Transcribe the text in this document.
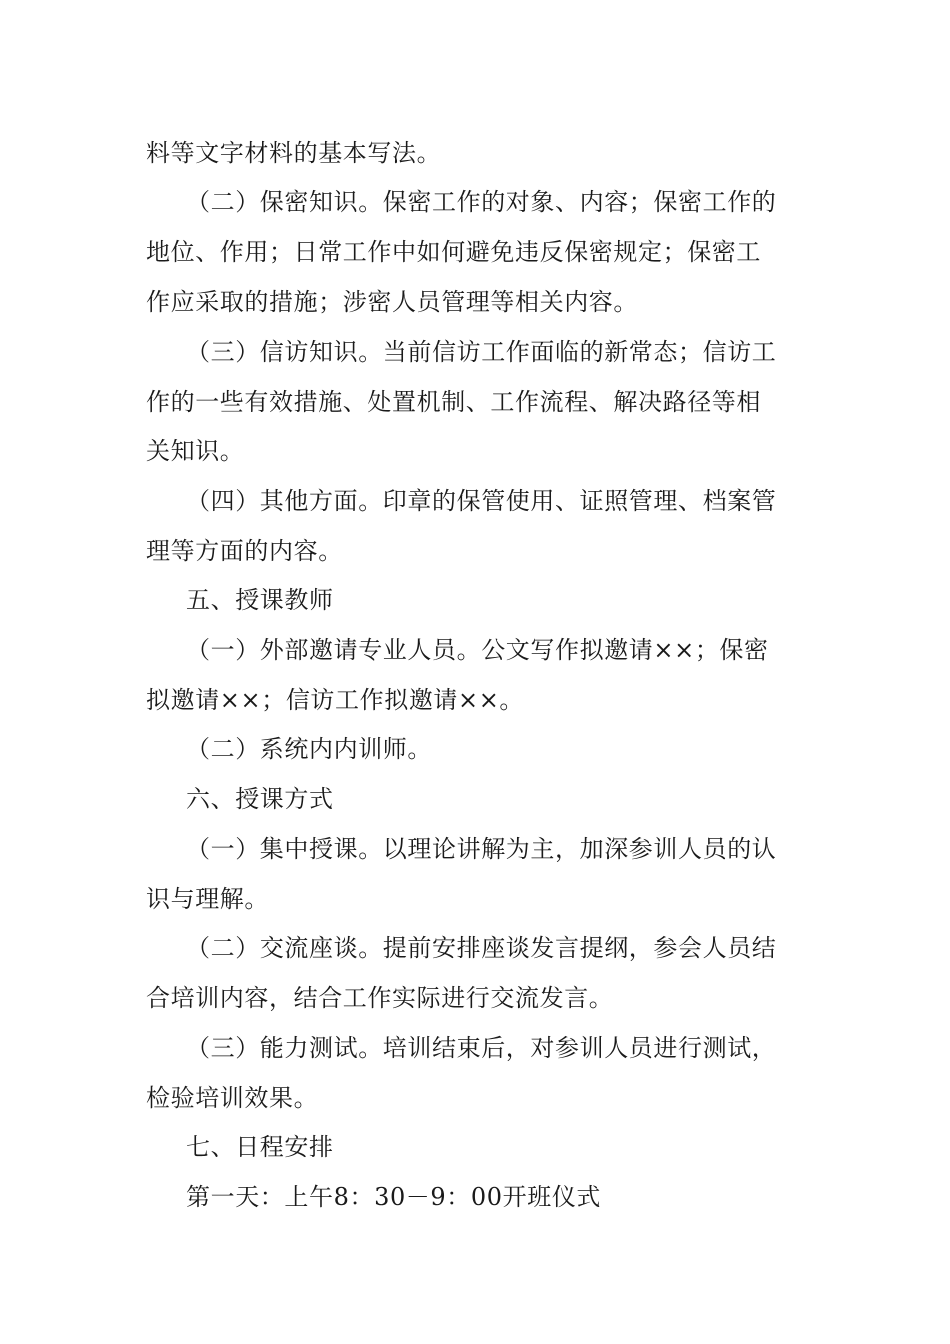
料等文字材料的基本写法。
（二）保密知识。保密工作的对象、内容；保密工作的
地位、作用；日常工作中如何避免违反保密规定；保密工
作应采取的措施；涉密人员管理等相关内容。
（三）信访知识。当前信访工作面临的新常态；信访工
作的一些有效措施、处置机制、工作流程、解决路径等相
关知识。
（四）其他方面。印章的保管使用、证照管理、档案管
理等方面的内容。
五、授课教师
（一）外部邀请专业人员。公文写作拟邀请××；保密
拟邀请××；信访工作拟邀请××。
（二）系统内内训师。
六、授课方式
（一）集中授课。以理论讲解为主，加深参训人员的认
识与理解。
（二）交流座谈。提前安排座谈发言提纲，参会人员结
合培训内容，结合工作实际进行交流发言。
（三）能力测试。培训结束后，对参训人员进行测试，
检验培训效果。
七、日程安排
第一天：上午8：30－9：00开班仪式
